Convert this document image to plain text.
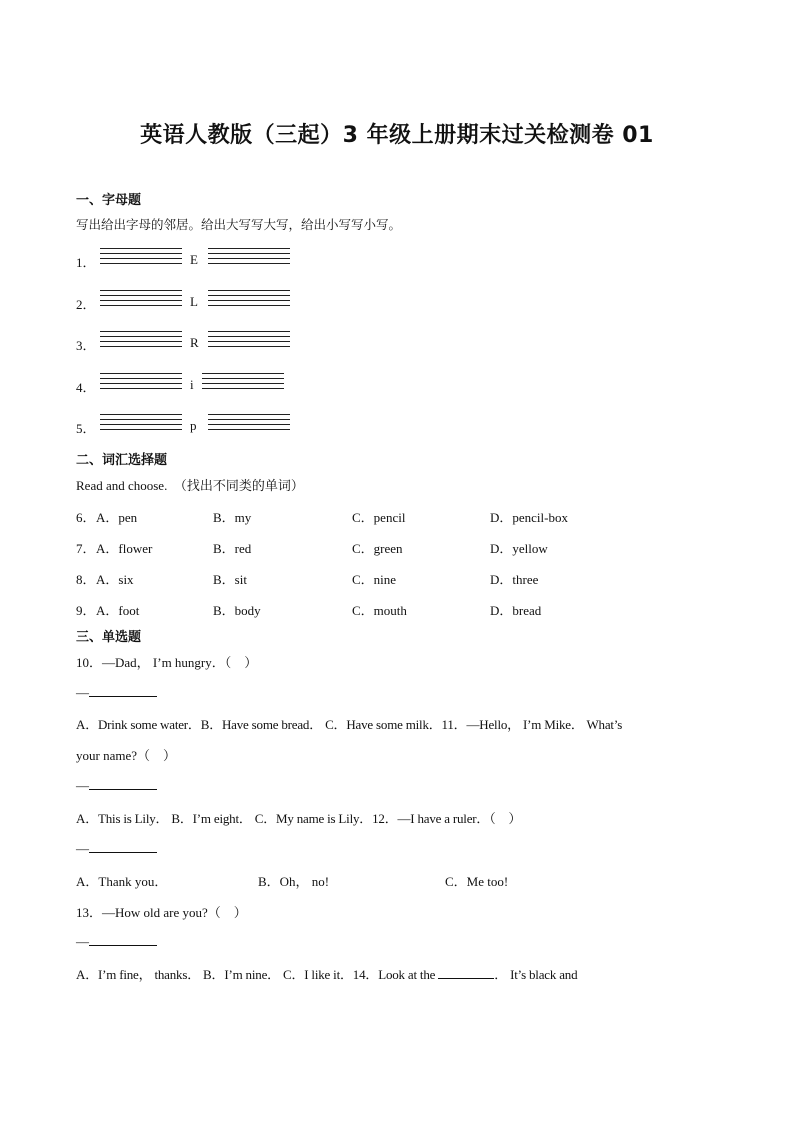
英语人教版（三起）3 年级上册期末过关检测卷 01
一、字母题
写出给出字母的邻居。给出大写写大写，给出小写写小写。
1．	E
2．	L
3．	R
4．	i
5．	p
二、词汇选择题
Read and choose.　（找出不同类的单词）
6． A．pen	B．my	C．pencil	D．pencil-box
7． A．flower	B．red	C．green	D．yellow
8． A．six	B．sit	C．nine	D．three
9． A．foot	B．body	C．mouth	D．bread
三、单选题
10．—Dad， I’m hungry．（　）
—
A．Drink some water．B．Have some bread． C．Have some milk．11．—Hello， I’m Mike． What’s
your name?（　）
—
A．This is Lily． B．I’m eight． C．My name is Lily．12．—I have a ruler．（　）
—
A．Thank you．	B．Oh， no!	C．Me too!
13．—How old are you?（　）
—
A．I’m fine， thanks． B．I’m nine． C．I like it．14．Look at the	． It’s black and
